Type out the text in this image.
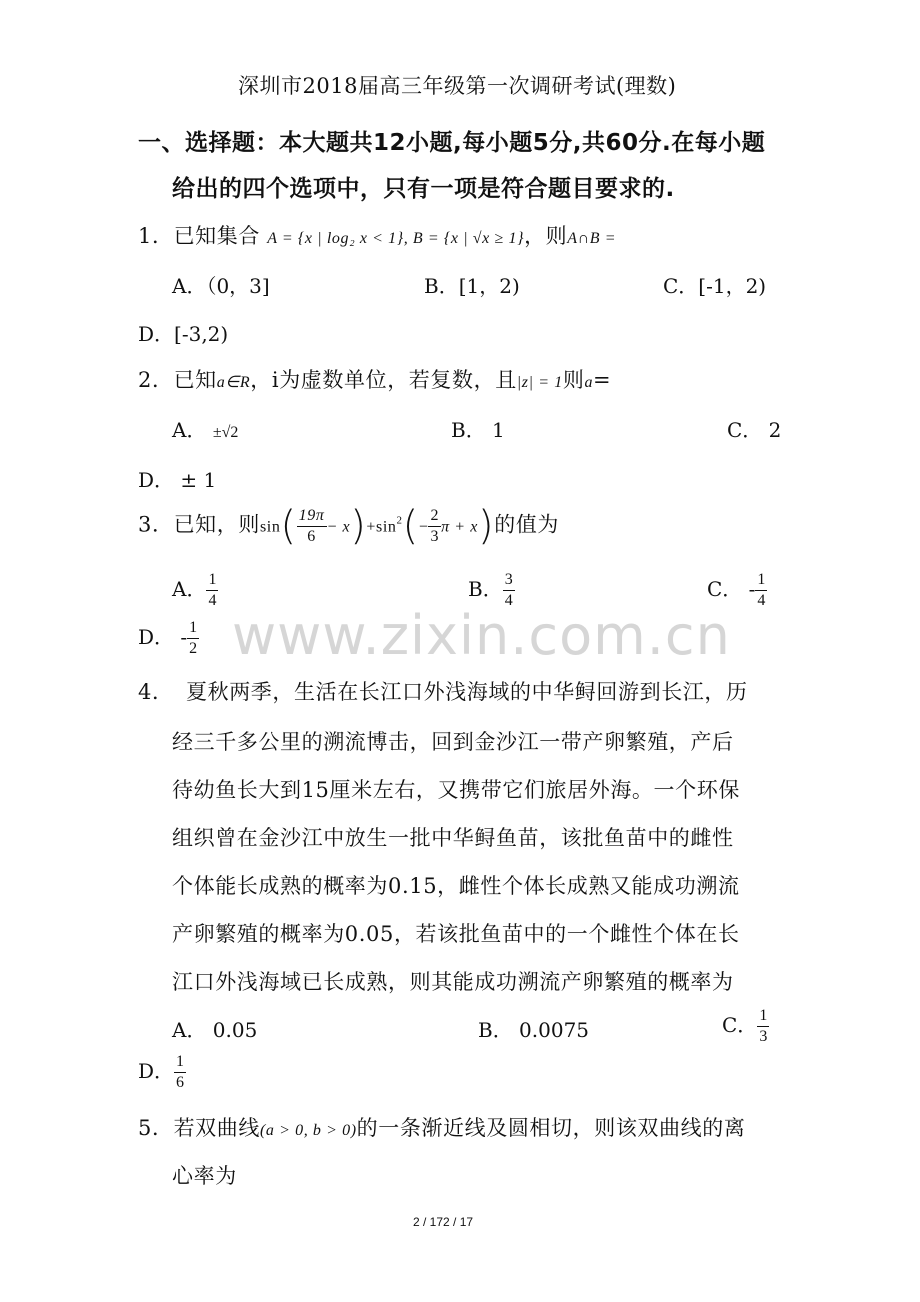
深圳市2018届高三年级第一次调研考试(理数)
一、选择题：本大题共12小题,每小题5分,共60分.在每小题
给出的四个选项中，只有一项是符合题目要求的.
1．已知集合 A = {x | log₂ x < 1}, B = {x | √x ≥ 1}，则A∩B =
A．（0，3]	B．[1，2)	C．[-1，2)
D．[-3,2)
2．已知a∈R，i为虚数单位，若复数，且|z| = 1则a=
A． ±√2	B． 1	C． 2
D． ± 1
3．已知，则$\sin( \frac{19\pi}{6} - x)+\sin^2(- \frac{2}{3}$ π + x)的值为
A． $\frac{1}{4}$	B． $\frac{3}{4}$	C． - $\frac{1}{4}$
D． - $\frac{1}{2}$ www.zixin.com.cn
4． 夏秋两季，生活在长江口外浅海域的中华鲟回游到长江，历
经三千多公里的溯流博击，回到金沙江一带产卵繁殖，产后
待幼鱼长大到15厘米左右，又携带它们旅居外海。一个环保
组织曾在金沙江中放生一批中华鲟鱼苗，该批鱼苗中的雌性
个体能长成熟的概率为0.15，雌性个体长成熟又能成功溯流
产卵繁殖的概率为0.05，若该批鱼苗中的一个雌性个体在长
江口外浅海域已长成熟，则其能成功溯流产卵繁殖的概率为
A． 0.05	B． 0.0075	C． $\frac{1}{3}$
D． $\frac{1}{6}$
5．若双曲线(a > 0, b > 0)的一条渐近线及圆相切，则该双曲线的离
心率为
2 / 172 / 17
